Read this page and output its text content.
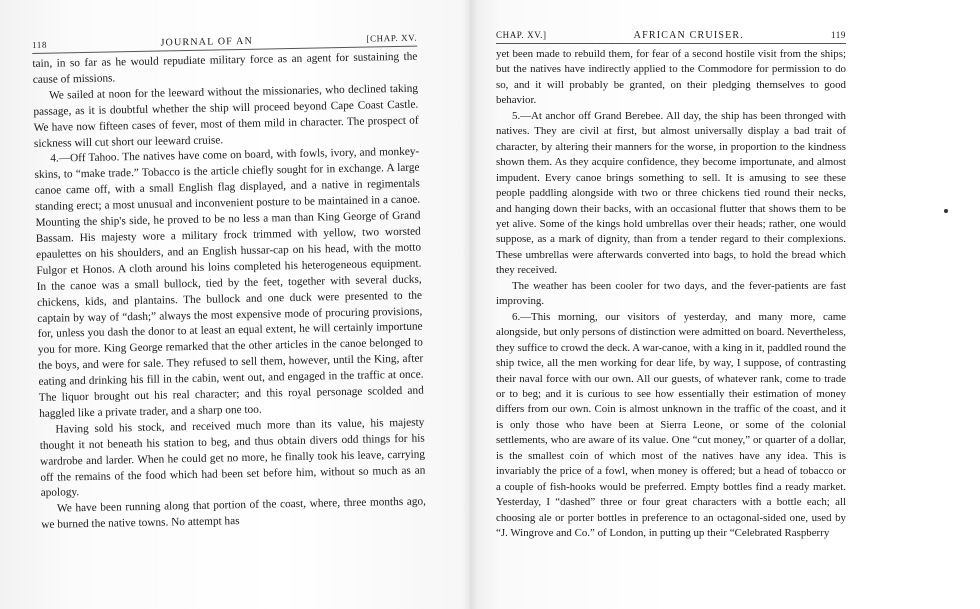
118	JOURNAL OF AN	[CHAP. XV.

tain, in so far as he would repudiate military force as an agent for sustaining the cause of missions.

We sailed at noon for the leeward without the missionaries, who declined taking passage, as it is doubtful whether the ship will proceed beyond Cape Coast Castle. We have now fifteen cases of fever, most of them mild in character. The prospect of sickness will cut short our leeward cruise.

4.—Off Tahoo. The natives have come on board, with fowls, ivory, and monkey-skins, to “make trade.” Tobacco is the article chiefly sought for in exchange. A large canoe came off, with a small English flag displayed, and a native in regimentals standing erect; a most unusual and inconvenient posture to be maintained in a canoe. Mounting the ship's side, he proved to be no less a man than King George of Grand Bassam. His majesty wore a military frock trimmed with yellow, two worsted epaulettes on his shoulders, and an English hussar-cap on his head, with the motto Fulgor et Honos. A cloth around his loins completed his heterogeneous equipment. In the canoe was a small bullock, tied by the feet, together with several ducks, chickens, kids, and plantains. The bullock and one duck were presented to the captain by way of “dash;” always the most expensive mode of procuring provisions, for, unless you dash the donor to at least an equal extent, he will certainly importune you for more. King George remarked that the other articles in the canoe belonged to the boys, and were for sale. They refused to sell them, however, until the King, after eating and drinking his fill in the cabin, went out, and engaged in the traffic at once. The liquor brought out his real character; and this royal personage scolded and haggled like a private trader, and a sharp one too.

Having sold his stock, and received much more than its value, his majesty thought it not beneath his station to beg, and thus obtain divers odd things for his wardrobe and larder. When he could get no more, he finally took his leave, carrying off the remains of the food which had been set before him, without so much as an apology.

We have been running along that portion of the coast, where, three months ago, we burned the native towns. No attempt has

CHAP. XV.]	AFRICAN CRUISER.	119

yet been made to rebuild them, for fear of a second hostile visit from the ships; but the natives have indirectly applied to the Commodore for permission to do so, and it will probably be granted, on their pledging themselves to good behavior.

5.—At anchor off Grand Berebee. All day, the ship has been thronged with natives. They are civil at first, but almost universally display a bad trait of character, by altering their manners for the worse, in proportion to the kindness shown them. As they acquire confidence, they become importunate, and almost impudent. Every canoe brings something to sell. It is amusing to see these people paddling alongside with two or three chickens tied round their necks, and hanging down their backs, with an occasional flutter that shows them to be yet alive. Some of the kings hold umbrellas over their heads; rather, one would suppose, as a mark of dignity, than from a tender regard to their complexions. These umbrellas were afterwards converted into bags, to hold the bread which they received.

The weather has been cooler for two days, and the fever-patients are fast improving.

6.—This morning, our visitors of yesterday, and many more, came alongside, but only persons of distinction were admitted on board. Nevertheless, they suffice to crowd the deck. A war-canoe, with a king in it, paddled round the ship twice, all the men working for dear life, by way, I suppose, of contrasting their naval force with our own. All our guests, of whatever rank, come to trade or to beg; and it is curious to see how essentially their estimation of money differs from our own. Coin is almost unknown in the traffic of the coast, and it is only those who have been at Sierra Leone, or some of the colonial settlements, who are aware of its value. One “cut money,” or quarter of a dollar, is the smallest coin of which most of the natives have any idea. This is invariably the price of a fowl, when money is offered; but a head of tobacco or a couple of fish-hooks would be preferred. Empty bottles find a ready market. Yesterday, I “dashed” three or four great characters with a bottle each; all choosing ale or porter bottles in preference to an octagonal-sided one, used by “J. Wingrove and Co.” of London, in putting up their “Celebrated Raspberry
